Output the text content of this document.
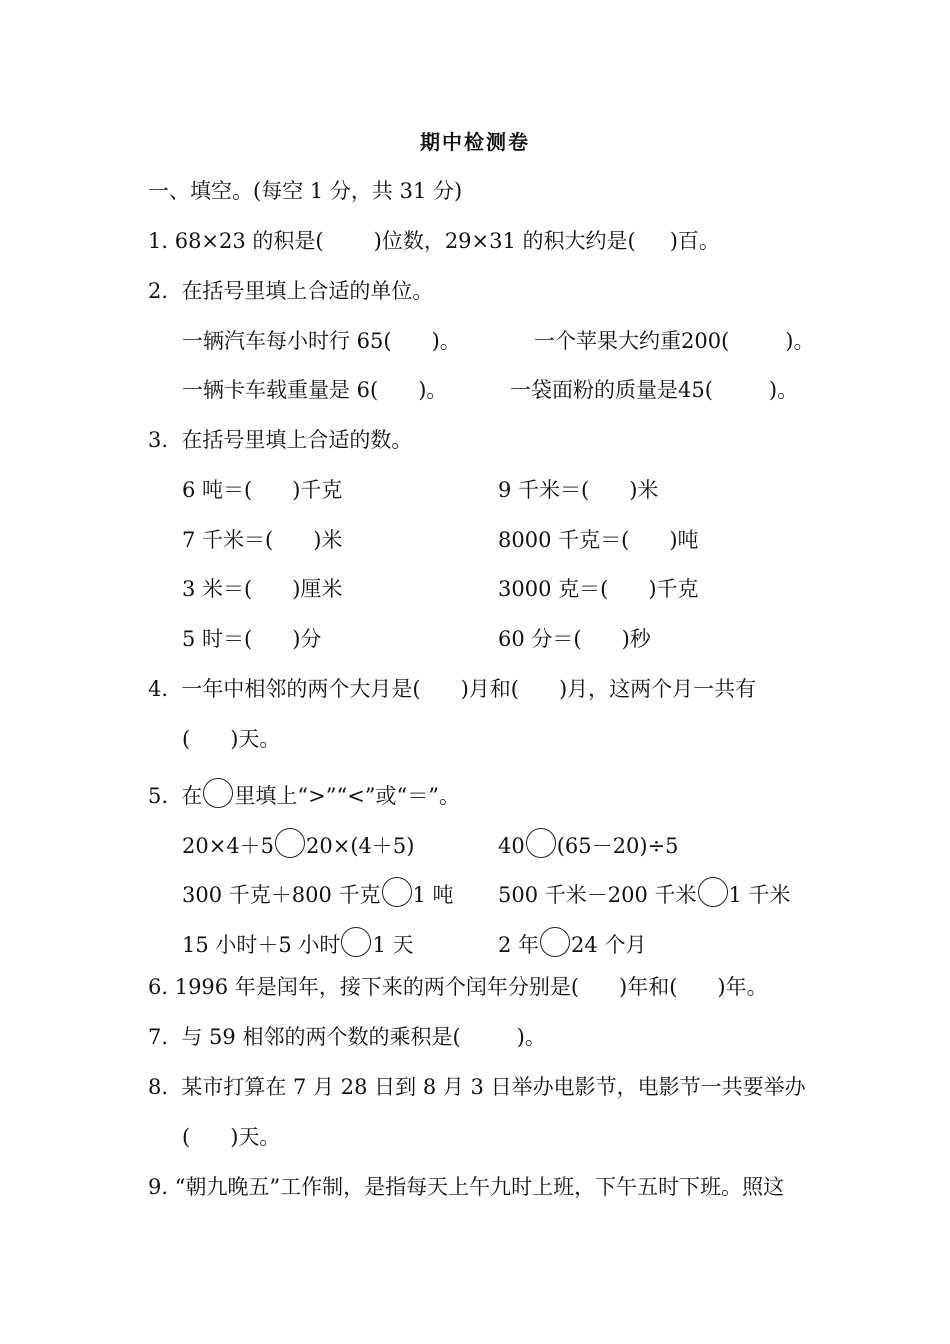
期中检测卷
一、填空。(每空 1 分，共 31 分)
1. 68×23 的积是( )位数，29×31 的积大约是( )百。
2.  在括号里填上合适的单位。
一辆汽车每小时行 65( )。	一个苹果大约重200(	)。
一辆卡车载重量是 6( )。	一袋面粉的质量是45(	)。
3.  在括号里填上合适的数。
6 吨＝( )千克	9 千米＝( )米
7 千米＝( )米	8000 千克＝( )吨
3 米＝( )厘米	3000 克＝( )千克
5 时＝( )分	60 分＝( )秒
4.  一年中相邻的两个大月是( )月和( )月，这两个月一共有
( )天。
5.  在 里填上“>”“<”或“＝”。
20×4＋5 20×(4＋5)	40 (65－20)÷5
300 千克＋800 千克 1 吨 500 千米－200 千米 1 千米
15 小时＋5 小时 1 天	2 年 24 个月
6. 1996 年是闰年，接下来的两个闰年分别是( )年和( )年。
7.  与 59 相邻的两个数的乘积是(	)。
8.  某市打算在 7 月 28 日到 8 月 3 日举办电影节，电影节一共要举办
( )天。
9. “朝九晚五”工作制，是指每天上午九时上班，下午五时下班。照这
